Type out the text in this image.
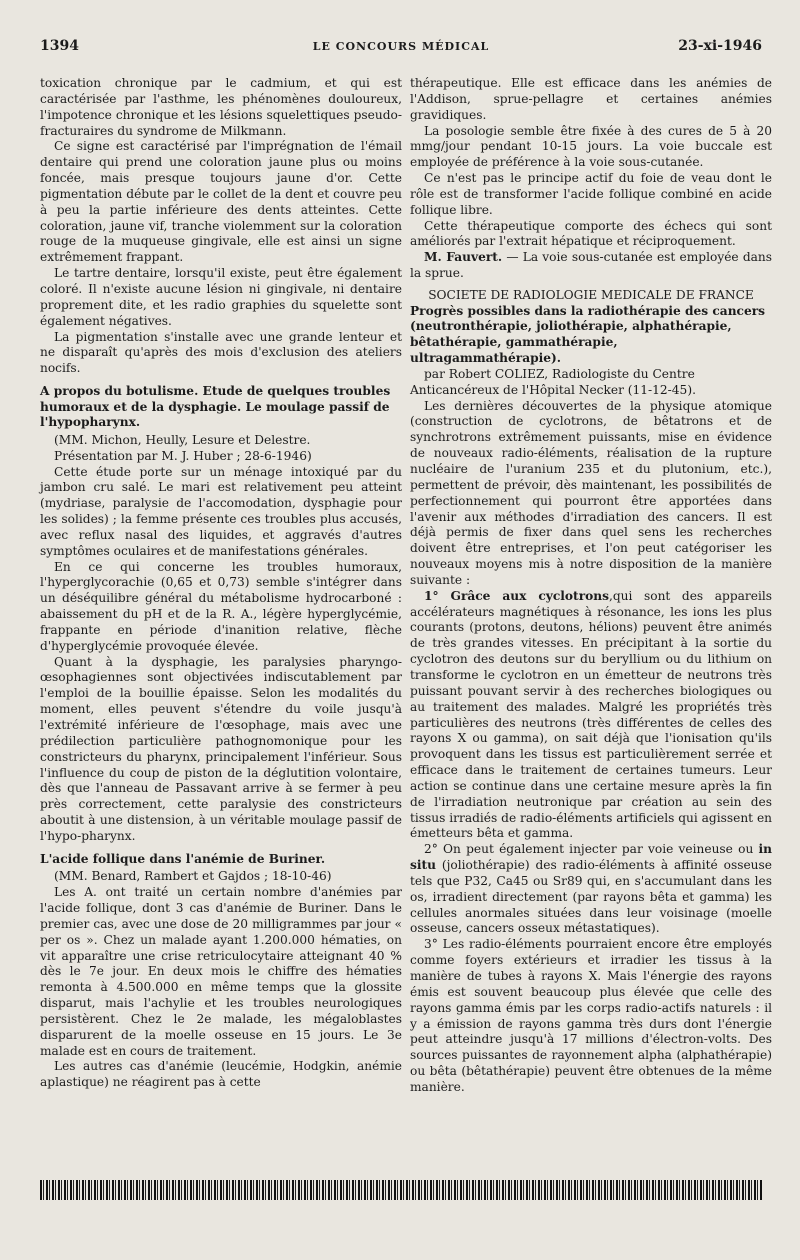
1394	LE CONCOURS MÉDICAL	23-xi-1946

toxication chronique par le cadmium, et qui est caractérisée par l'asthme, les phénomènes douloureux, l'impotence chronique et les lésions squelettiques pseudo-fracturaires du syndrome de Milkmann.

Ce signe est caractérisé par l'imprégnation de l'émail dentaire qui prend une coloration jaune plus ou moins foncée, mais presque toujours jaune d'or. Cette pigmentation débute par le collet de la dent et couvre peu à peu la partie inférieure des dents atteintes. Cette coloration, jaune vif, tranche violemment sur la coloration rouge de la muqueuse gingivale, elle est ainsi un signe extrêmement frappant.

Le tartre dentaire, lorsqu'il existe, peut être également coloré. Il n'existe aucune lésion ni gingivale, ni dentaire proprement dite, et les radio graphies du squelette sont également négatives.

La pigmentation s'installe avec une grande lenteur et ne disparaît qu'après des mois d'exclusion des ateliers nocifs.

A propos du botulisme. Etude de quelques troubles humoraux et de la dysphagie. Le moulage passif de l'hypopharynx.

(MM. Michon, Heully, Lesure et Delestre.

Présentation par M. J. Huber ; 28-6-1946)

Cette étude porte sur un ménage intoxiqué par du jambon cru salé. Le mari est relativement peu atteint (mydriase, paralysie de l'accomodation, dysphagie pour les solides) ; la femme présente ces troubles plus accusés, avec reflux nasal des liquides, et aggravés d'autres symptômes oculaires et de manifestations générales.

En ce qui concerne les troubles humoraux, l'hyperglycorachie (0,65 et 0,73) semble s'intégrer dans un déséquilibre général du métabolisme hydrocarboné : abaissement du pH et de la R. A., légère hyperglycémie, frappante en période d'inanition relative, flèche d'hyperglycémie provoquée élevée.

Quant à la dysphagie, les paralysies pharyngo-œsophagiennes sont objectivées indiscutablement par l'emploi de la bouillie épaisse. Selon les modalités du moment, elles peuvent s'étendre du voile jusqu'à l'extrémité inférieure de l'œsophage, mais avec une prédilection particulière pathognomonique pour les constricteurs du pharynx, principalement l'inférieur. Sous l'influence du coup de piston de la déglutition volontaire, dès que l'anneau de Passavant arrive à se fermer à peu près correctement, cette paralysie des constricteurs aboutit à une distension, à un véritable moulage passif de l'hypo-pharynx.

L'acide follique dans l'anémie de Buriner.

(MM. Benard, Rambert et Gajdos ; 18-10-46)

Les A. ont traité un certain nombre d'anémies par l'acide follique, dont 3 cas d'anémie de Buriner. Dans le premier cas, avec une dose de 20 milligrammes par jour « per os ». Chez un malade ayant 1.200.000 hématies, on vit apparaître une crise retriculocytaire atteignant 40 % dès le 7e jour. En deux mois le chiffre des hématies remonta à 4.500.000 en même temps que la glossite disparut, mais l'achylie et les troubles neurologiques persistèrent. Chez le 2e malade, les mégaloblastes disparurent de la moelle osseuse en 15 jours. Le 3e malade est en cours de traitement.

Les autres cas d'anémie (leucémie, Hodgkin, anémie aplastique) ne réagirent pas à cette

thérapeutique. Elle est efficace dans les anémies de l'Addison, sprue-pellagre et certaines anémies gravidiques.

La posologie semble être fixée à des cures de 5 à 20 mmg/jour pendant 10-15 jours. La voie buccale est employée de préférence à la voie sous-cutanée.

Ce n'est pas le principe actif du foie de veau dont le rôle est de transformer l'acide follique combiné en acide follique libre.

Cette thérapeutique comporte des échecs qui sont améliorés par l'extrait hépatique et réciproquement.

M. Fauvert. — La voie sous-cutanée est employée dans la sprue.

SOCIETE DE RADIOLOGIE MEDICALE DE FRANCE

Progrès possibles dans la radiothérapie des cancers (neutronthérapie, joliothérapie, alphathérapie, bêtathérapie, gammathérapie, ultragammathérapie).

par Robert COLIEZ, Radiologiste du Centre

Anticancéreux de l'Hôpital Necker (11-12-45).

Les dernières découvertes de la physique atomique (construction de cyclotrons, de bêtatrons et de synchrotrons extrêmement puissants, mise en évidence de nouveaux radio-éléments, réalisation de la rupture nucléaire de l'uranium 235 et du plutonium, etc.), permettent de prévoir, dès maintenant, les possibilités de perfectionnement qui pourront être apportées dans l'avenir aux méthodes d'irradiation des cancers. Il est déjà permis de fixer dans quel sens les recherches doivent être entreprises, et l'on peut catégoriser les nouveaux moyens mis à notre disposition de la manière suivante :

1° Grâce aux cyclotrons,qui sont des appareils accélérateurs magnétiques à résonance, les ions les plus courants (protons, deutons, hélions) peuvent être animés de très grandes vitesses. En précipitant à la sortie du cyclotron des deutons sur du beryllium ou du lithium on transforme le cyclotron en un émetteur de neutrons très puissant pouvant servir à des recherches biologiques ou au traitement des malades. Malgré les propriétés très particulières des neutrons (très différentes de celles des rayons X ou gamma), on sait déjà que l'ionisation qu'ils provoquent dans les tissus est particulièrement serrée et efficace dans le traitement de certaines tumeurs. Leur action se continue dans une certaine mesure après la fin de l'irradiation neutronique par création au sein des tissus irradiés de radio-éléments artificiels qui agissent en émetteurs bêta et gamma.

2° On peut également injecter par voie veineuse ou in situ (joliothérapie) des radio-éléments à affinité osseuse tels que P32, Ca45 ou Sr89 qui, en s'accumulant dans les os, irradient directement (par rayons bêta et gamma) les cellules anormales situées dans leur voisinage (moelle osseuse, cancers osseux métastatiques).

3° Les radio-éléments pourraient encore être employés comme foyers extérieurs et irradier les tissus à la manière de tubes à rayons X. Mais l'énergie des rayons émis est souvent beaucoup plus élevée que celle des rayons gamma émis par les corps radio-actifs naturels : il y a émission de rayons gamma très durs dont l'énergie peut atteindre jusqu'à 17 millions d'électron-volts. Des sources puissantes de rayonnement alpha (alphathérapie) ou bêta (bêtathérapie) peuvent être obtenues de la même manière.
